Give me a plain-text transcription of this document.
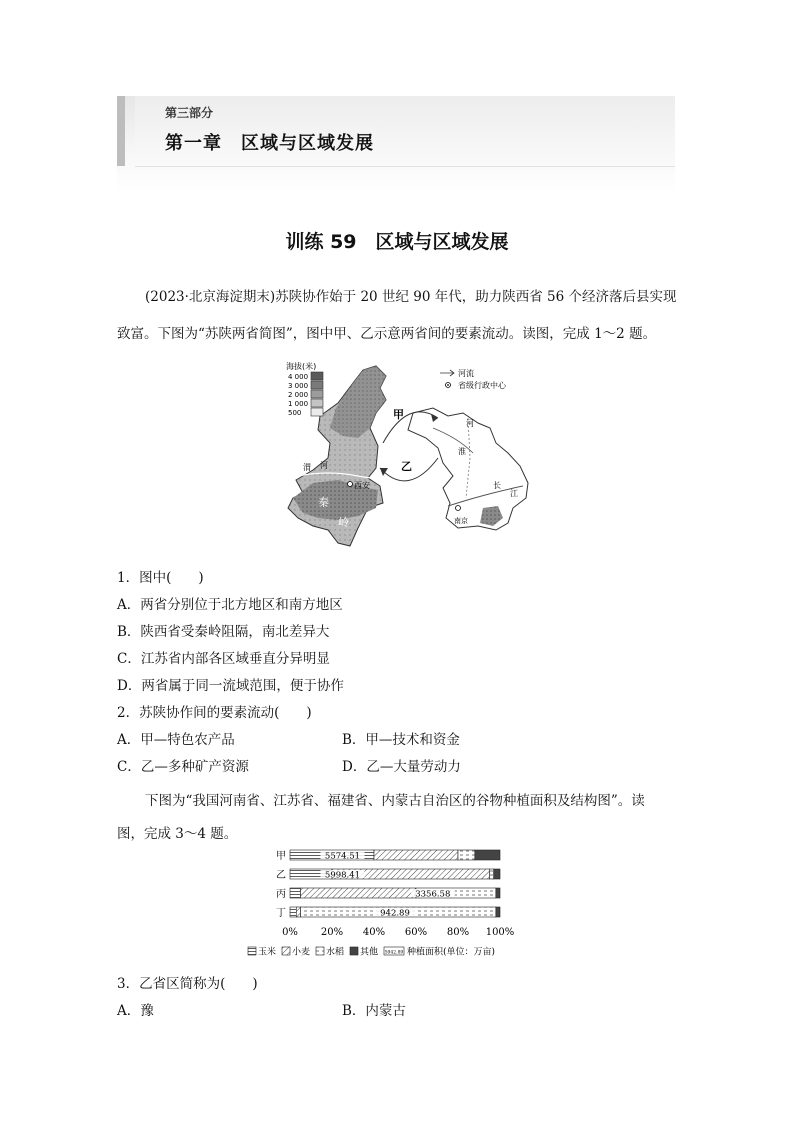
第三部分
第一章　区域与区域发展
训练 59　区域与区域发展
(2023·北京海淀期末)苏陕协作始于 20 世纪 90 年代，助力陕西省 56 个经济落后县实现
致富。下图为“苏陕两省简图”，图中甲、乙示意两省间的要素流动。读图，完成 1～2 题。
秦
岭
西安
渭 河
南京
河
淮
长
江
甲
乙
海拔(米)
4 000
3 000
2 000
1 000
500
河流
省级行政中心
1．图中(　　)
A．两省分别位于北方地区和南方地区
B．陕西省受秦岭阻隔，南北差异大
C．江苏省内部各区域垂直分异明显
D．两省属于同一流域范围，便于协作
2．苏陕协作间的要素流动(　　)
A．甲—特色农产品	B．甲—技术和资金
C．乙—多种矿产资源	D．乙—大量劳动力
下图为“我国河南省、江苏省、福建省、内蒙古自治区的谷物种植面积及结构图”。读
图，完成 3～4 题。
甲	5574.51
乙	5998.41
丙	3356.58
丁	942.89
0% 20% 40% 60% 80% 100%
玉米 小麦 水稻 其他 5942.89 种植面积(单位：万亩)
3．乙省区简称为(　　)
A．豫	B．内蒙古
